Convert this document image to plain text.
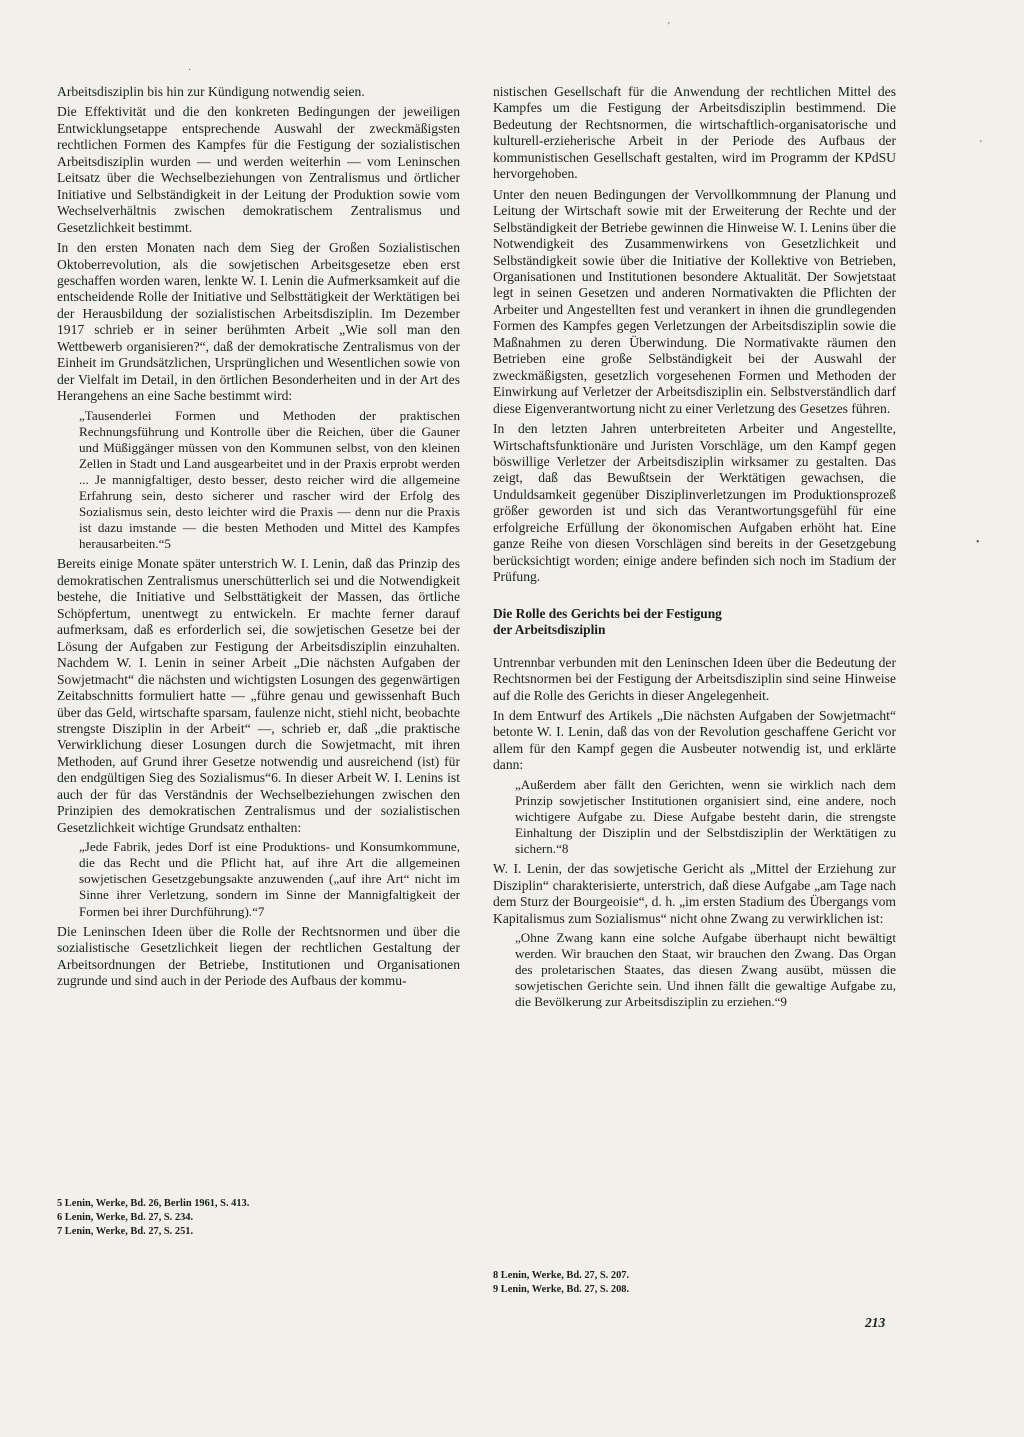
'
·
•
'

Arbeitsdisziplin bis hin zur Kündigung notwendig seien.

Die Effektivität und die den konkreten Bedingungen der jeweiligen Entwicklungsetappe entsprechende Auswahl der zweckmäßigsten rechtlichen Formen des Kampfes für die Festigung der sozialistischen Arbeitsdisziplin wurden — und werden weiterhin — vom Leninschen Leitsatz über die Wechselbeziehungen von Zentralismus und örtlicher Initiative und Selbständigkeit in der Leitung der Produktion sowie vom Wechselverhältnis zwischen demokratischem Zentralismus und Gesetzlichkeit bestimmt.

In den ersten Monaten nach dem Sieg der Großen Sozialistischen Oktoberrevolution, als die sowjetischen Arbeitsgesetze eben erst geschaffen worden waren, lenkte W. I. Lenin die Aufmerksamkeit auf die entscheidende Rolle der Initiative und Selbsttätigkeit der Werktätigen bei der Herausbildung der sozialistischen Arbeitsdisziplin. Im Dezember 1917 schrieb er in seiner berühmten Arbeit „Wie soll man den Wettbewerb organisieren?“, daß der demokratische Zentralismus von der Einheit im Grundsätzlichen, Ursprünglichen und Wesentlichen sowie von der Vielfalt im Detail, in den örtlichen Besonderheiten und in der Art des Herangehens an eine Sache bestimmt wird:

„Tausenderlei Formen und Methoden der praktischen Rechnungsführung und Kontrolle über die Reichen, über die Gauner und Müßiggänger müssen von den Kommunen selbst, von den kleinen Zellen in Stadt und Land ausgearbeitet und in der Praxis erprobt werden ... Je mannigfaltiger, desto besser, desto reicher wird die allgemeine Erfahrung sein, desto sicherer und rascher wird der Erfolg des Sozialismus sein, desto leichter wird die Praxis — denn nur die Praxis ist dazu imstande — die besten Methoden und Mittel des Kampfes herausarbeiten.“5

Bereits einige Monate später unterstrich W. I. Lenin, daß das Prinzip des demokratischen Zentralismus unerschütterlich sei und die Notwendigkeit bestehe, die Initiative und Selbsttätigkeit der Massen, das örtliche Schöpfertum, unentwegt zu entwickeln. Er machte ferner darauf aufmerksam, daß es erforderlich sei, die sowjetischen Gesetze bei der Lösung der Aufgaben zur Festigung der Arbeitsdisziplin einzuhalten. Nachdem W. I. Lenin in seiner Arbeit „Die nächsten Aufgaben der Sowjetmacht“ die nächsten und wichtigsten Losungen des gegenwärtigen Zeitabschnitts formuliert hatte — „führe genau und gewissenhaft Buch über das Geld, wirtschafte sparsam, faulenze nicht, stiehl nicht, beobachte strengste Disziplin in der Arbeit“ —, schrieb er, daß „die praktische Verwirklichung dieser Losungen durch die Sowjetmacht, mit ihren Methoden, auf Grund ihrer Gesetze notwendig und ausreichend (ist) für den endgültigen Sieg des Sozialismus“6. In dieser Arbeit W. I. Lenins ist auch der für das Verständnis der Wechselbeziehungen zwischen den Prinzipien des demokratischen Zentralismus und der sozialistischen Gesetzlichkeit wichtige Grundsatz enthalten:

„Jede Fabrik, jedes Dorf ist eine Produktions- und Konsumkommune, die das Recht und die Pflicht hat, auf ihre Art die allgemeinen sowjetischen Gesetzgebungsakte anzuwenden („auf ihre Art“ nicht im Sinne ihrer Verletzung, sondern im Sinne der Mannigfaltigkeit der Formen bei ihrer Durchführung).“7

Die Leninschen Ideen über die Rolle der Rechtsnormen und über die sozialistische Gesetzlichkeit liegen der rechtlichen Gestaltung der Arbeitsordnungen der Betriebe, Institutionen und Organisationen zugrunde und sind auch in der Periode des Aufbaus der kommu-

5 Lenin, Werke, Bd. 26, Berlin 1961, S. 413.

6 Lenin, Werke, Bd. 27, S. 234.

7 Lenin, Werke, Bd. 27, S. 251.

nistischen Gesellschaft für die Anwendung der rechtlichen Mittel des Kampfes um die Festigung der Arbeitsdisziplin bestimmend. Die Bedeutung der Rechtsnormen, die wirtschaftlich-organisatorische und kulturell-erzieherische Arbeit in der Periode des Aufbaus der kommunistischen Gesellschaft gestalten, wird im Programm der KPdSU hervorgehoben.

Unter den neuen Bedingungen der Vervollkommnung der Planung und Leitung der Wirtschaft sowie mit der Erweiterung der Rechte und der Selbständigkeit der Betriebe gewinnen die Hinweise W. I. Lenins über die Notwendigkeit des Zusammenwirkens von Gesetzlichkeit und Selbständigkeit sowie über die Initiative der Kollektive von Betrieben, Organisationen und Institutionen besondere Aktualität. Der Sowjetstaat legt in seinen Gesetzen und anderen Normativakten die Pflichten der Arbeiter und Angestellten fest und verankert in ihnen die grundlegenden Formen des Kampfes gegen Verletzungen der Arbeitsdisziplin sowie die Maßnahmen zu deren Überwindung. Die Normativakte räumen den Betrieben eine große Selbständigkeit bei der Auswahl der zweckmäßigsten, gesetzlich vorgesehenen Formen und Methoden der Einwirkung auf Verletzer der Arbeitsdisziplin ein. Selbstverständlich darf diese Eigenverantwortung nicht zu einer Verletzung des Gesetzes führen.

In den letzten Jahren unterbreiteten Arbeiter und Angestellte, Wirtschaftsfunktionäre und Juristen Vorschläge, um den Kampf gegen böswillige Verletzer der Arbeitsdisziplin wirksamer zu gestalten. Das zeigt, daß das Bewußtsein der Werktätigen gewachsen, die Unduldsamkeit gegenüber Disziplinverletzungen im Produktionsprozeß größer geworden ist und sich das Verantwortungsgefühl für eine erfolgreiche Erfüllung der ökonomischen Aufgaben erhöht hat. Eine ganze Reihe von diesen Vorschlägen sind bereits in der Gesetzgebung berücksichtigt worden; einige andere befinden sich noch im Stadium der Prüfung.

Die Rolle des Gerichts bei der Festigung
der Arbeitsdisziplin

Untrennbar verbunden mit den Leninschen Ideen über die Bedeutung der Rechtsnormen bei der Festigung der Arbeitsdisziplin sind seine Hinweise auf die Rolle des Gerichts in dieser Angelegenheit.

In dem Entwurf des Artikels „Die nächsten Aufgaben der Sowjetmacht“ betonte W. I. Lenin, daß das von der Revolution geschaffene Gericht vor allem für den Kampf gegen die Ausbeuter notwendig ist, und erklärte dann:

„Außerdem aber fällt den Gerichten, wenn sie wirklich nach dem Prinzip sowjetischer Institutionen organisiert sind, eine andere, noch wichtigere Aufgabe zu. Diese Aufgabe besteht darin, die strengste Einhaltung der Disziplin und der Selbstdisziplin der Werktätigen zu sichern.“8

W. I. Lenin, der das sowjetische Gericht als „Mittel der Erziehung zur Disziplin“ charakterisierte, unterstrich, daß diese Aufgabe „am Tage nach dem Sturz der Bourgeoisie“, d. h. „im ersten Stadium des Übergangs vom Kapitalismus zum Sozialismus“ nicht ohne Zwang zu verwirklichen ist:

„Ohne Zwang kann eine solche Aufgabe überhaupt nicht bewältigt werden. Wir brauchen den Staat, wir brauchen den Zwang. Das Organ des proletarischen Staates, das diesen Zwang ausübt, müssen die sowjetischen Gerichte sein. Und ihnen fällt die gewaltige Aufgabe zu, die Bevölkerung zur Arbeitsdisziplin zu erziehen.“9

8 Lenin, Werke, Bd. 27, S. 207.

9 Lenin, Werke, Bd. 27, S. 208.

213
